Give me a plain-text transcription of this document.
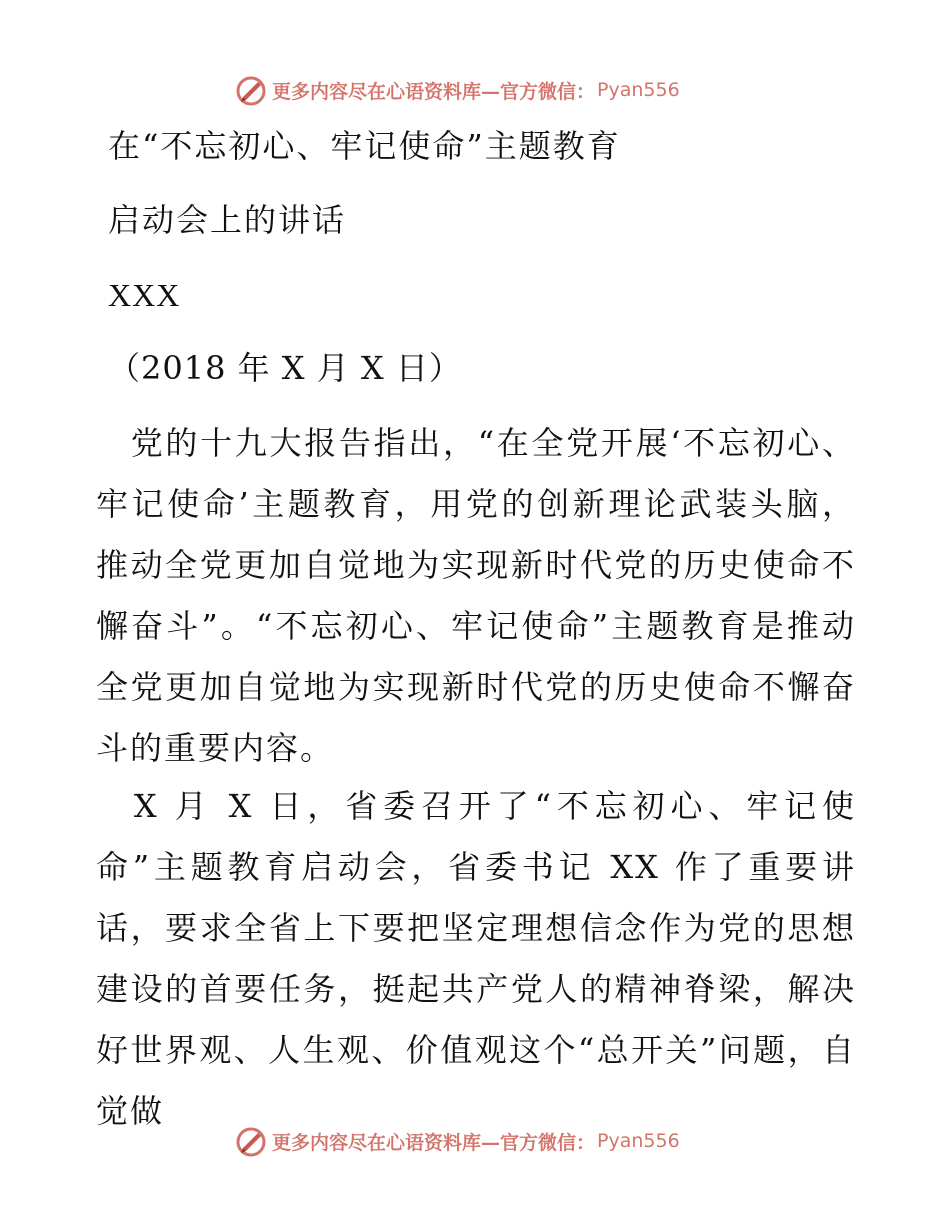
更多内容尽在心语资料库—官方微信： Pyan556
在“不忘初心、牢记使命”主题教育
启动会上的讲话
XXX
（2018 年 X 月 X 日）

　党的十九大报告指出，“在全党开展‘不忘初心、牢记使命’主题教育，用党的创新理论武装头脑，推动全党更加自觉地为实现新时代党的历史使命不懈奋斗”。“不忘初心、牢记使命”主题教育是推动全党更加自觉地为实现新时代党的历史使命不懈奋斗的重要内容。

　X 月 X 日，省委召开了“不忘初心、牢记使命”主题教育启动会，省委书记 XX 作了重要讲话，要求全省上下要把坚定理想信念作为党的思想建设的首要任务，挺起共产党人的精神脊梁，解决好世界观、人生观、价值观这个“总开关”问题，自觉做

更多内容尽在心语资料库—官方微信： Pyan556
